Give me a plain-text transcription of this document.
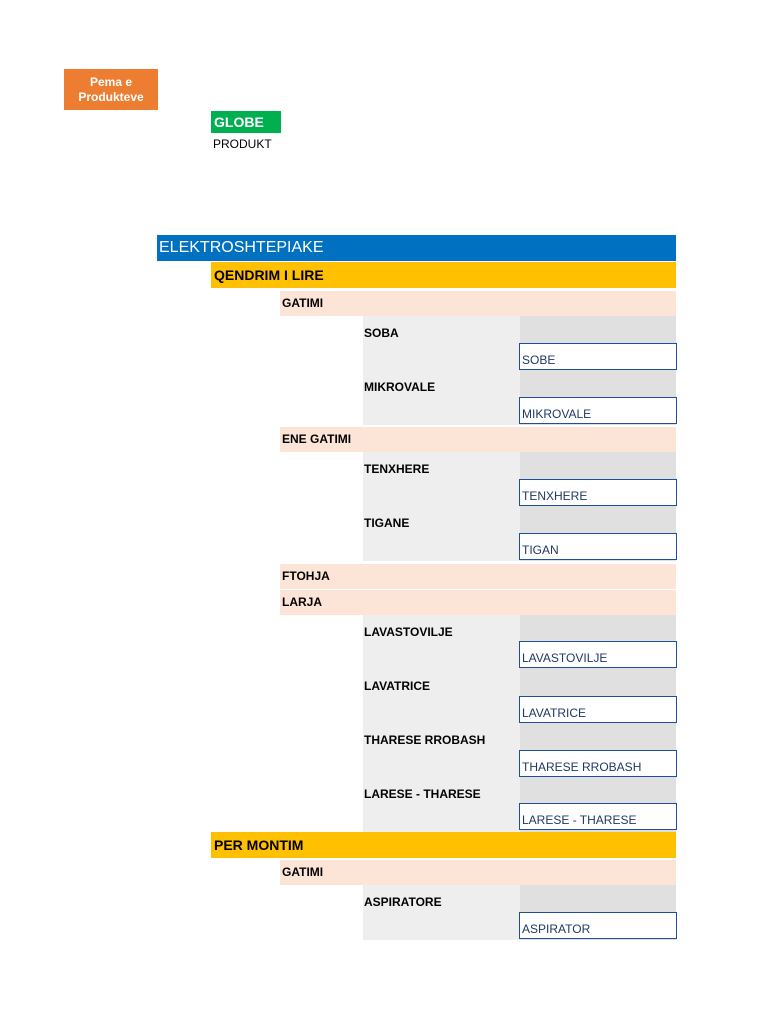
Pema e
Produkteve
GLOBE
PRODUKT
ELEKTROSHTEPIAKE
QENDRIM I LIRE
GATIMI
SOBA
SOBE
MIKROVALE
MIKROVALE
ENE GATIMI
TENXHERE
TENXHERE
TIGANE
TIGAN
FTOHJA
LARJA
LAVASTOVILJE
LAVASTOVILJE
LAVATRICE
LAVATRICE
THARESE RROBASH
THARESE RROBASH
LARESE - THARESE
LARESE - THARESE
PER MONTIM
GATIMI
ASPIRATORE
ASPIRATOR
